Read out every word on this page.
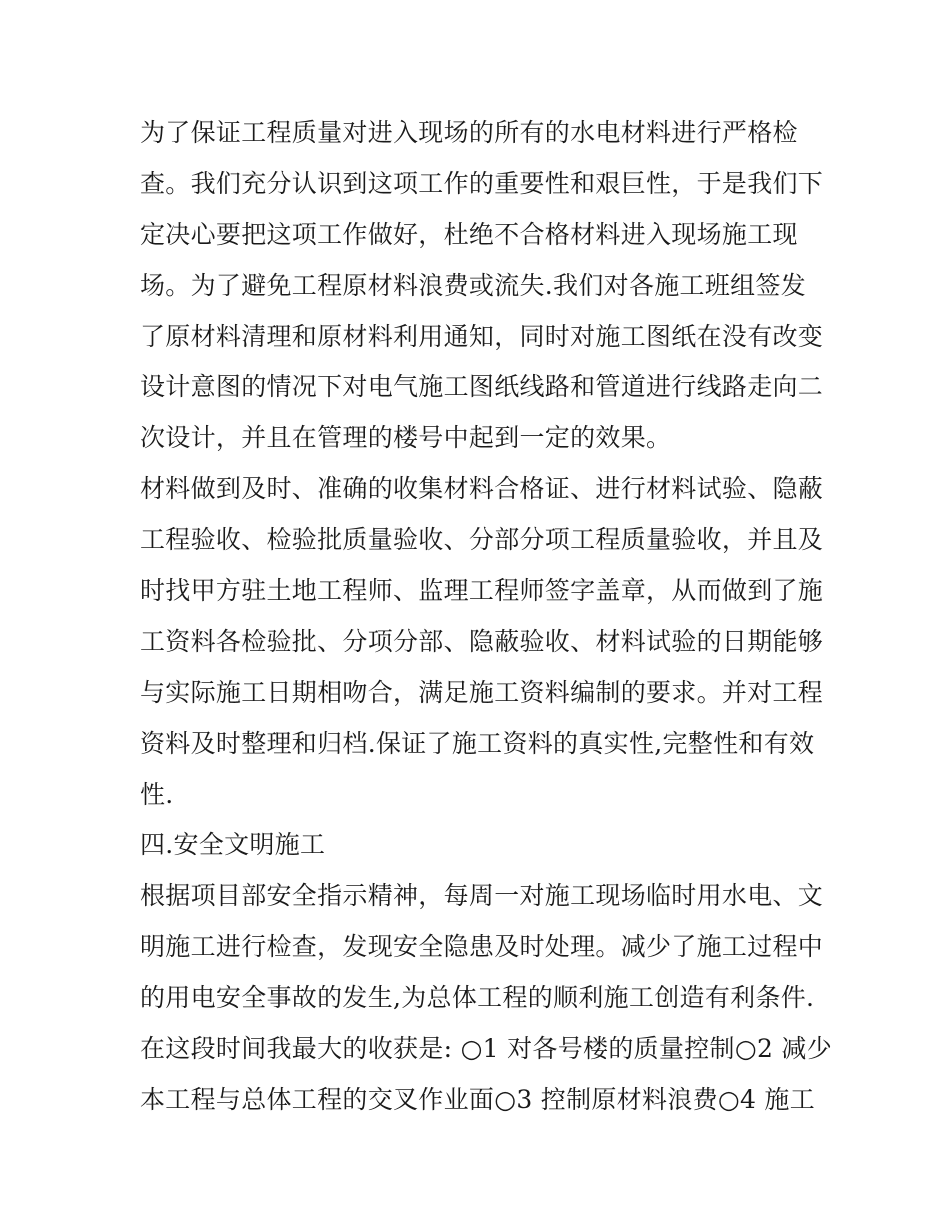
为了保证工程质量对进入现场的所有的水电材料进行严格检
查。我们充分认识到这项工作的重要性和艰巨性，于是我们下
定决心要把这项工作做好，杜绝不合格材料进入现场施工现
场。为了避免工程原材料浪费或流失.我们对各施工班组签发
了原材料清理和原材料利用通知，同时对施工图纸在没有改变
设计意图的情况下对电气施工图纸线路和管道进行线路走向二
次设计，并且在管理的楼号中起到一定的效果。
材料做到及时、准确的收集材料合格证、进行材料试验、隐蔽
工程验收、检验批质量验收、分部分项工程质量验收，并且及
时找甲方驻土地工程师、监理工程师签字盖章，从而做到了施
工资料各检验批、分项分部、隐蔽验收、材料试验的日期能够
与实际施工日期相吻合，满足施工资料编制的要求。并对工程
资料及时整理和归档.保证了施工资料的真实性,完整性和有效
性.
四.安全文明施工
根据项目部安全指示精神，每周一对施工现场临时用水电、文
明施工进行检查，发现安全隐患及时处理。减少了施工过程中
的用电安全事故的发生,为总体工程的顺利施工创造有利条件.
在这段时间我最大的收获是: ○1 对各号楼的质量控制○2 减少
本工程与总体工程的交叉作业面○3 控制原材料浪费○4 施工
